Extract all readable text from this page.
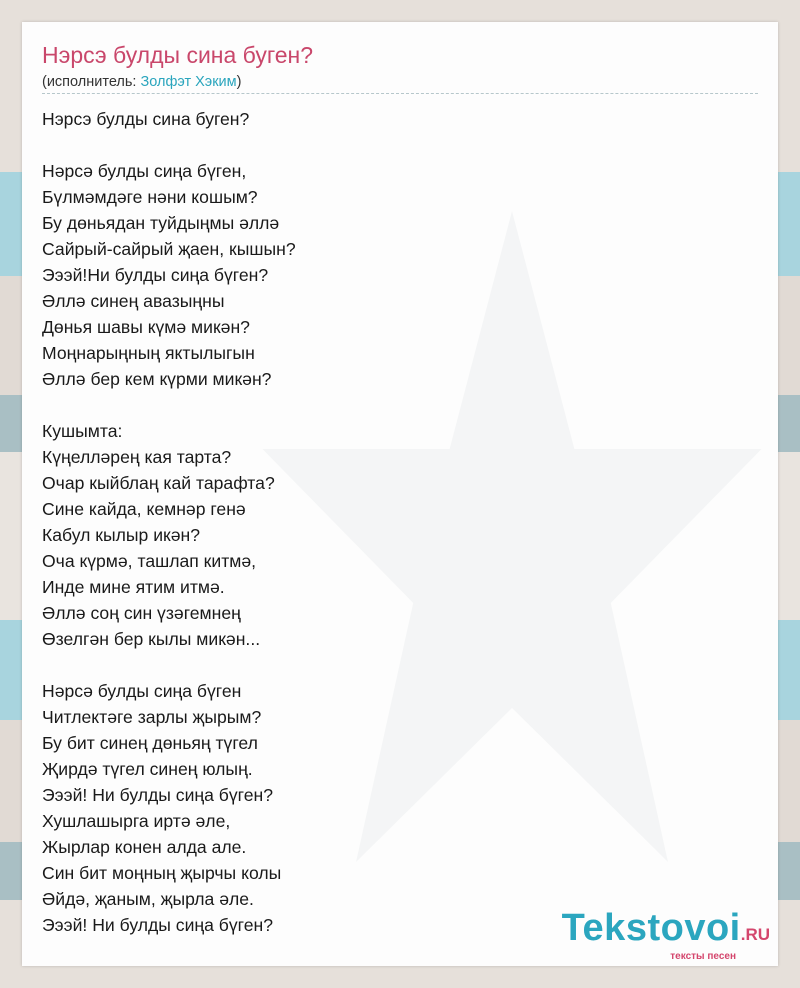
Нэрсэ булды сина буген?
(исполнитель: Золфэт Хэким)
Нэрсэ булды сина буген?

Нәрсә булды сиңа бүген,
Бүлмәмдәге нәни кошым?
Бу дөньядан туйдыңмы әллә
Сайрый-сайрый җаен, кышын?
Эээй!Ни булды сиңа бүген?
Әллә синең авазыңны
Дөнья шавы күмә микән?
Моңнарыңның яктылыгын
Әллә бер кем күрми микән?

Кушымта:
Күңелләрең кая тарта?
Очар кыйблаң кай тарафта?
Сине кайда, кемнәр генә
Кабул кылыр икән?
Оча күрмә, ташлап китмә,
Инде мине ятим итмә.
Әллә соң син үзәгемнең
Өзелгән бер кылы микән...

Нәрсә булды сиңа бүген
Читлектәге зарлы җырым?
Бу бит синең дөньяң түгел
Җирдә түгел синең юлың.
Эээй! Ни булды сиңа бүген?
Хушлашырга иртә әле,
Жырлар конен алда але.
Син бит моңның җырчы колы
Әйдә, җаным, җырла әле.
Эээй! Ни булды сиңа бүген?	Tekstovoi.RU
тексты песен
